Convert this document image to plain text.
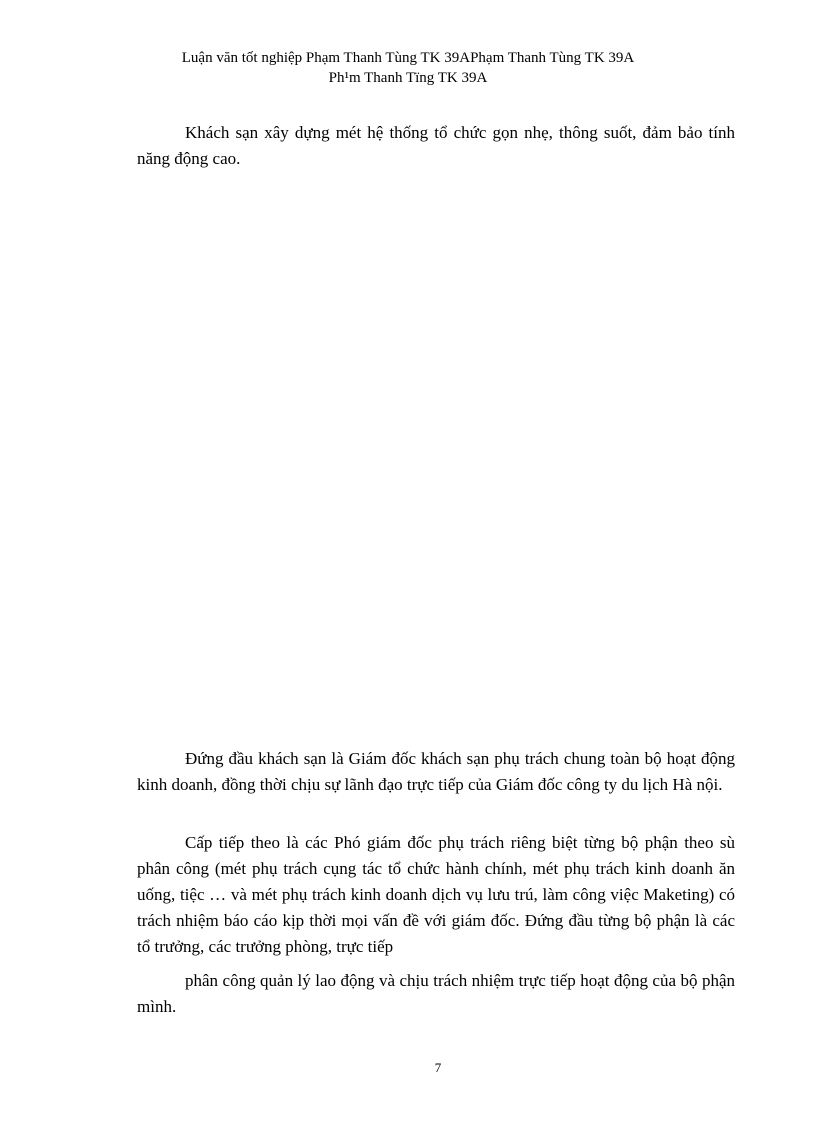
Luận văn tốt nghiệp Phạm Thanh Tùng TK 39APhạm Thanh Tùng TK 39A
Ph¹m Thanh Tïng TK 39A
Khách sạn xây dựng mét hệ thống tổ chức gọn nhẹ, thông suốt, đảm bảo tính năng động cao.
Đứng đầu khách sạn là Giám đốc khách sạn phụ trách chung toàn bộ hoạt động kinh doanh, đồng thời chịu sự lãnh đạo trực tiếp của Giám đốc công ty du lịch Hà nội.
Cấp tiếp theo là các Phó giám đốc phụ trách riêng biệt từng bộ phận theo sù phân công (mét phụ trách cụng tác tổ chức hành chính, mét phụ trách kinh doanh ăn uống, tiệc … và mét phụ trách kinh doanh dịch vụ lưu trú, làm công việc Maketing) có trách nhiệm báo cáo kịp thời mọi vấn đề với giám đốc. Đứng đầu từng bộ phận là các tổ trưởng, các trưởng phòng, trực tiếp
phân công quản lý lao động và chịu trách nhiệm trực tiếp hoạt động của bộ phận mình.
7
